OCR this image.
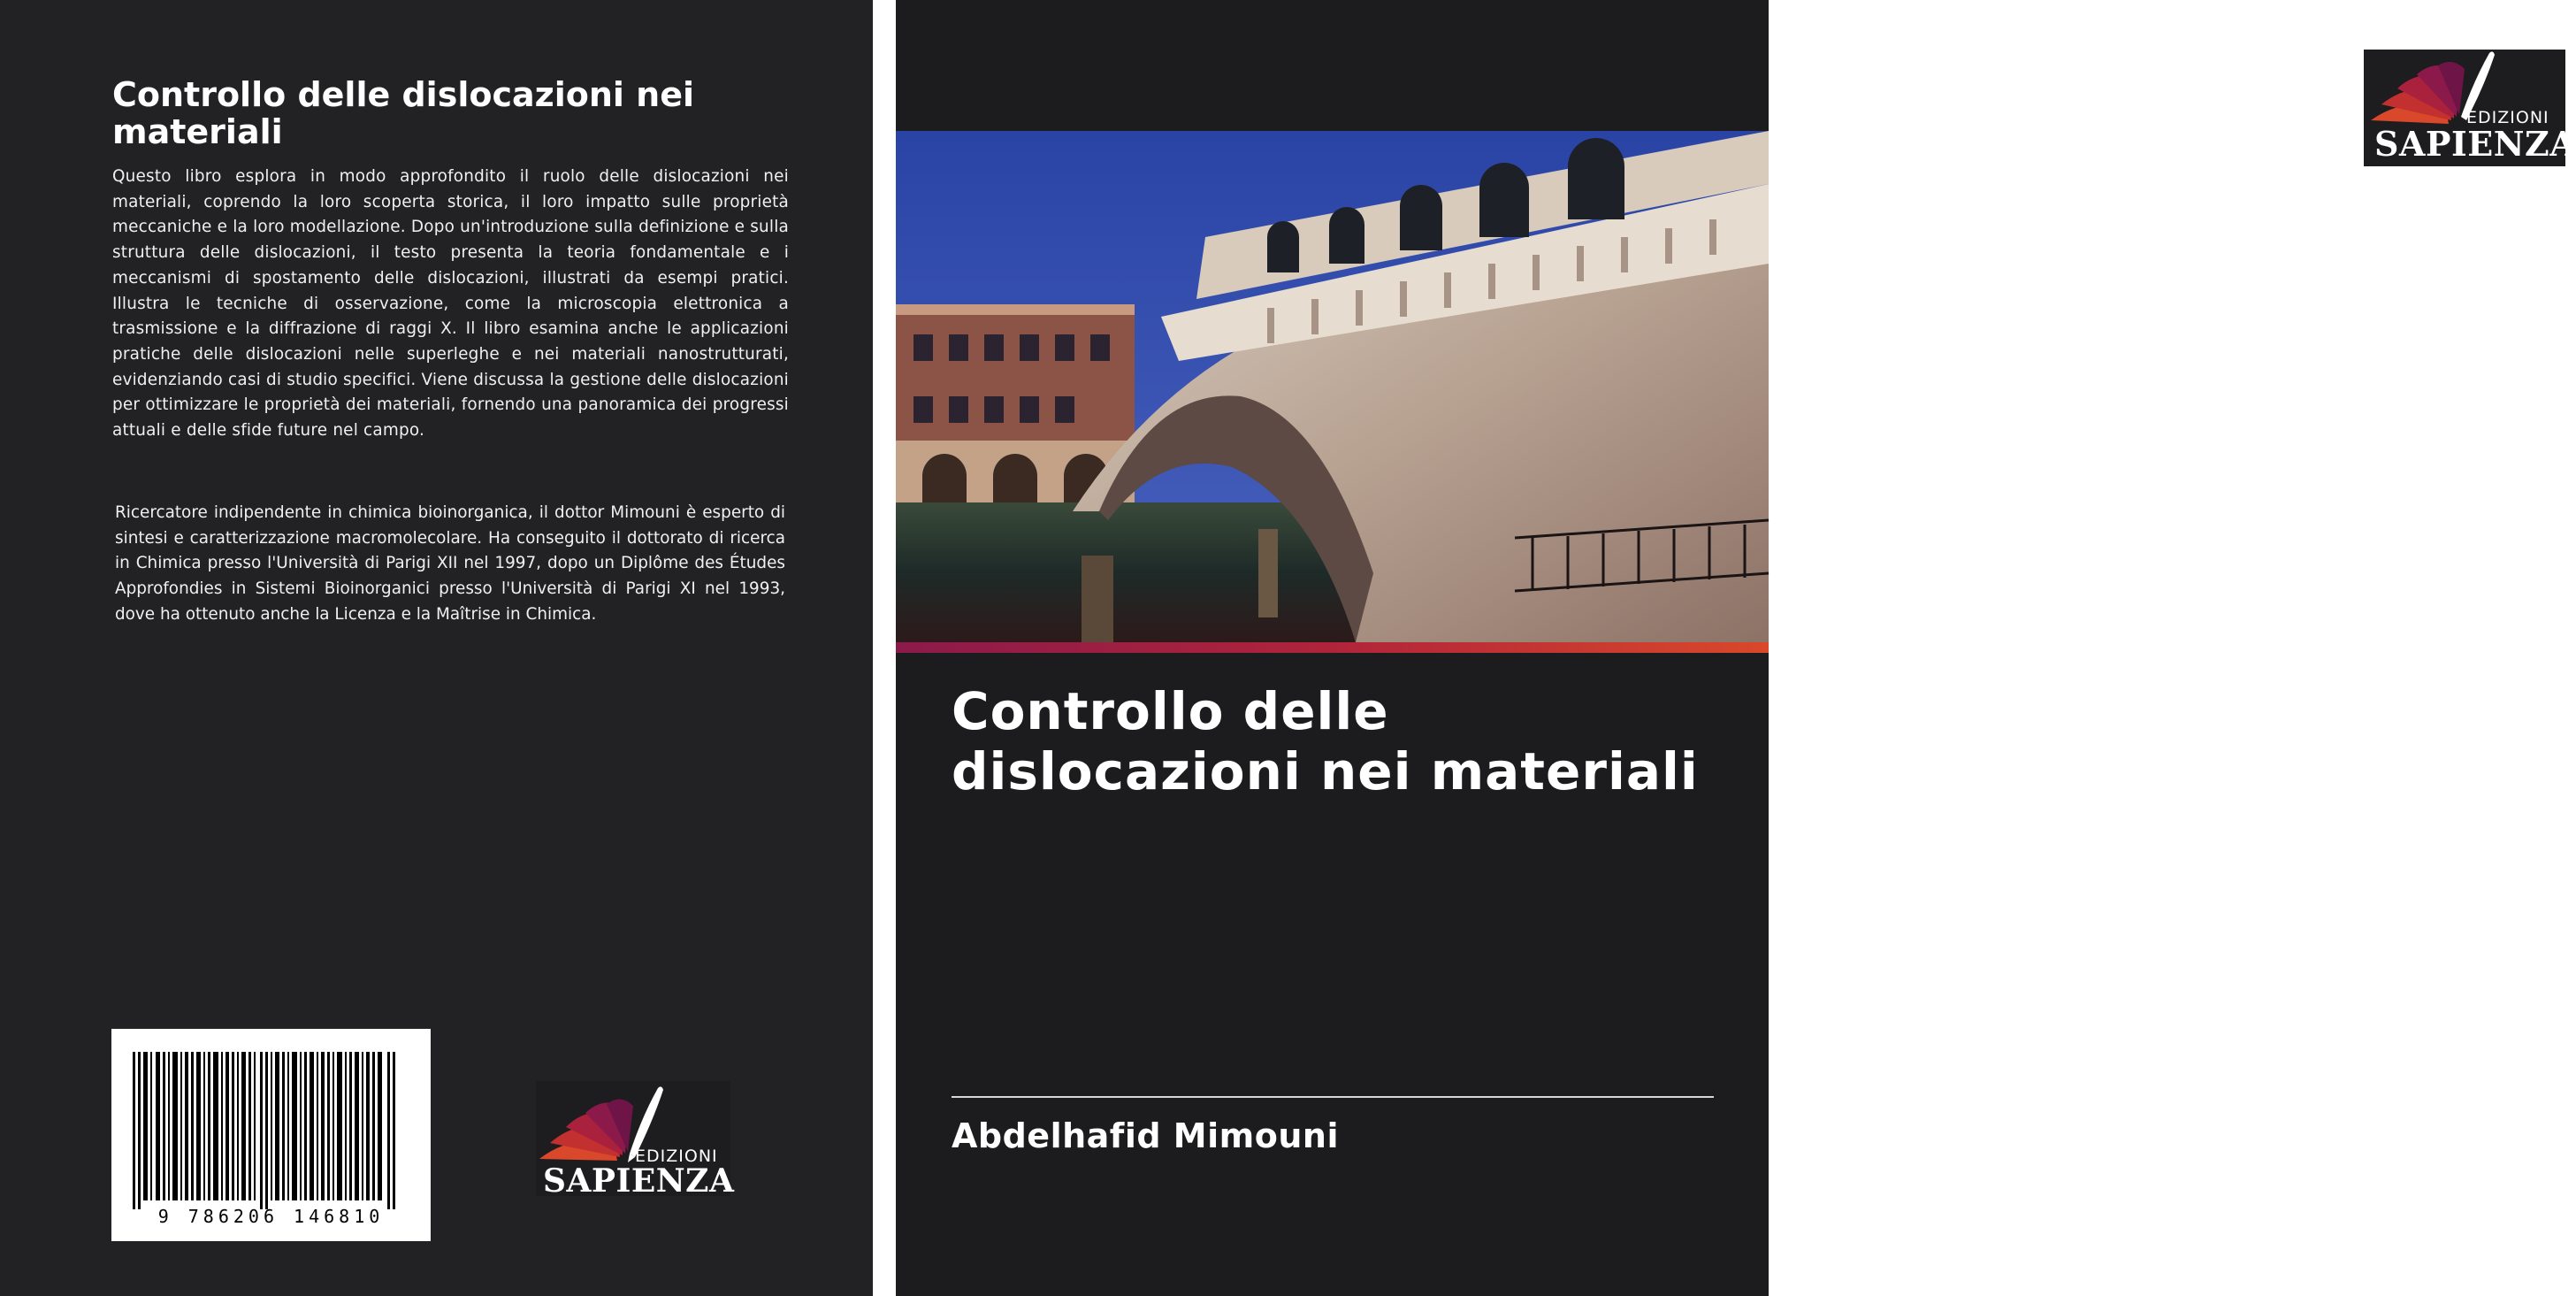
Controllo delle dislocazioni nei materiali

Questo libro esplora in modo approfondito il ruolo delle dislocazioni nei materiali, coprendo la loro scoperta storica, il loro impatto sulle proprietà meccaniche e la loro modellazione. Dopo un'introduzione sulla definizione e sulla struttura delle dislocazioni, il testo presenta la teoria fondamentale e i meccanismi di spostamento delle dislocazioni, illustrati da esempi pratici. Illustra le tecniche di osservazione, come la microscopia elettronica a trasmissione e la diffrazione di raggi X. Il libro esamina anche le applicazioni pratiche delle dislocazioni nelle superleghe e nei materiali nanostrutturati, evidenziando casi di studio specifici. Viene discussa la gestione delle dislocazioni per ottimizzare le proprietà dei materiali, fornendo una panoramica dei progressi attuali e delle sfide future nel campo.

Ricercatore indipendente in chimica bioinorganica, il dottor Mimouni è esperto di sintesi e caratterizzazione macromolecolare. Ha conseguito il dottorato di ricerca in Chimica presso l'Università di Parigi XII nel 1997, dopo un Diplôme des Études Approfondies in Sistemi Bioinorganici presso l'Università di Parigi XI nel 1993, dove ha ottenuto anche la Licenza e la Maîtrise in Chimica.

9 786206 146810
EDIZIONI
SAPIENZA
EDIZIONI
SAPIENZA
Controllo delle dislocazioni nei materiali
Abdelhafid Mimouni
